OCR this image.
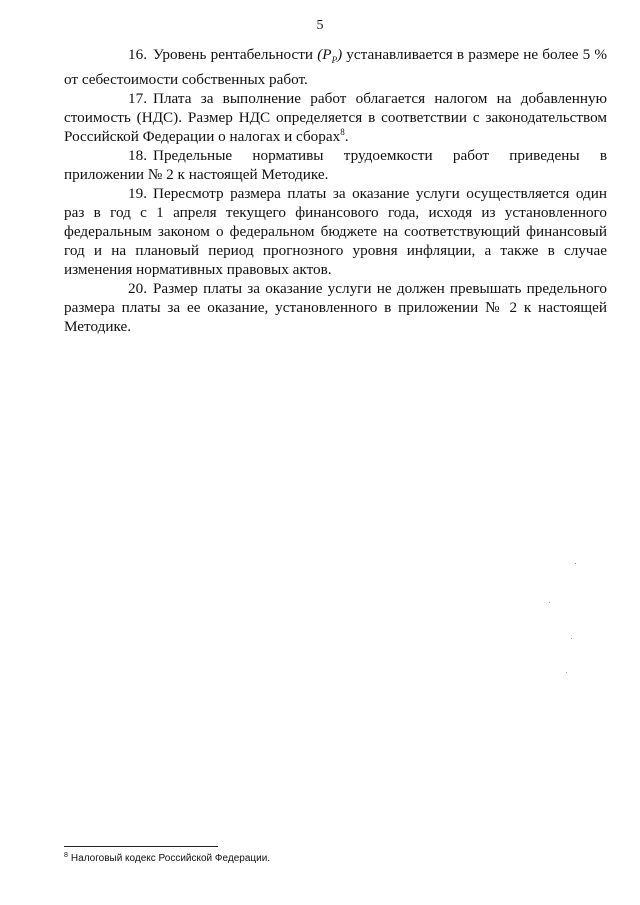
5

16. Уровень рентабельности $(P_P)$ устанавливается в размере не более 5 % от себестоимости собственных работ.

17. Плата за выполнение работ облагается налогом на добавленную стоимость (НДС). Размер НДС определяется в соответствии с законодательством Российской Федерации о налогах и сборах$^8$.

18. Предельные нормативы трудоемкости работ приведены в приложении № 2 к настоящей Методике.

19. Пересмотр размера платы за оказание услуги осуществляется один раз в год с 1 апреля текущего финансового года, исходя из установленного федеральным законом о федеральном бюджете на соответствующий финансовый год и на плановый период прогнозного уровня инфляции, а также в случае изменения нормативных правовых актов.

20. Размер платы за оказание услуги не должен превышать предельного размера платы за ее оказание, установленного в приложении № 2 к настоящей Методике.

$^8$ Налоговый кодекс Российской Федерации.
